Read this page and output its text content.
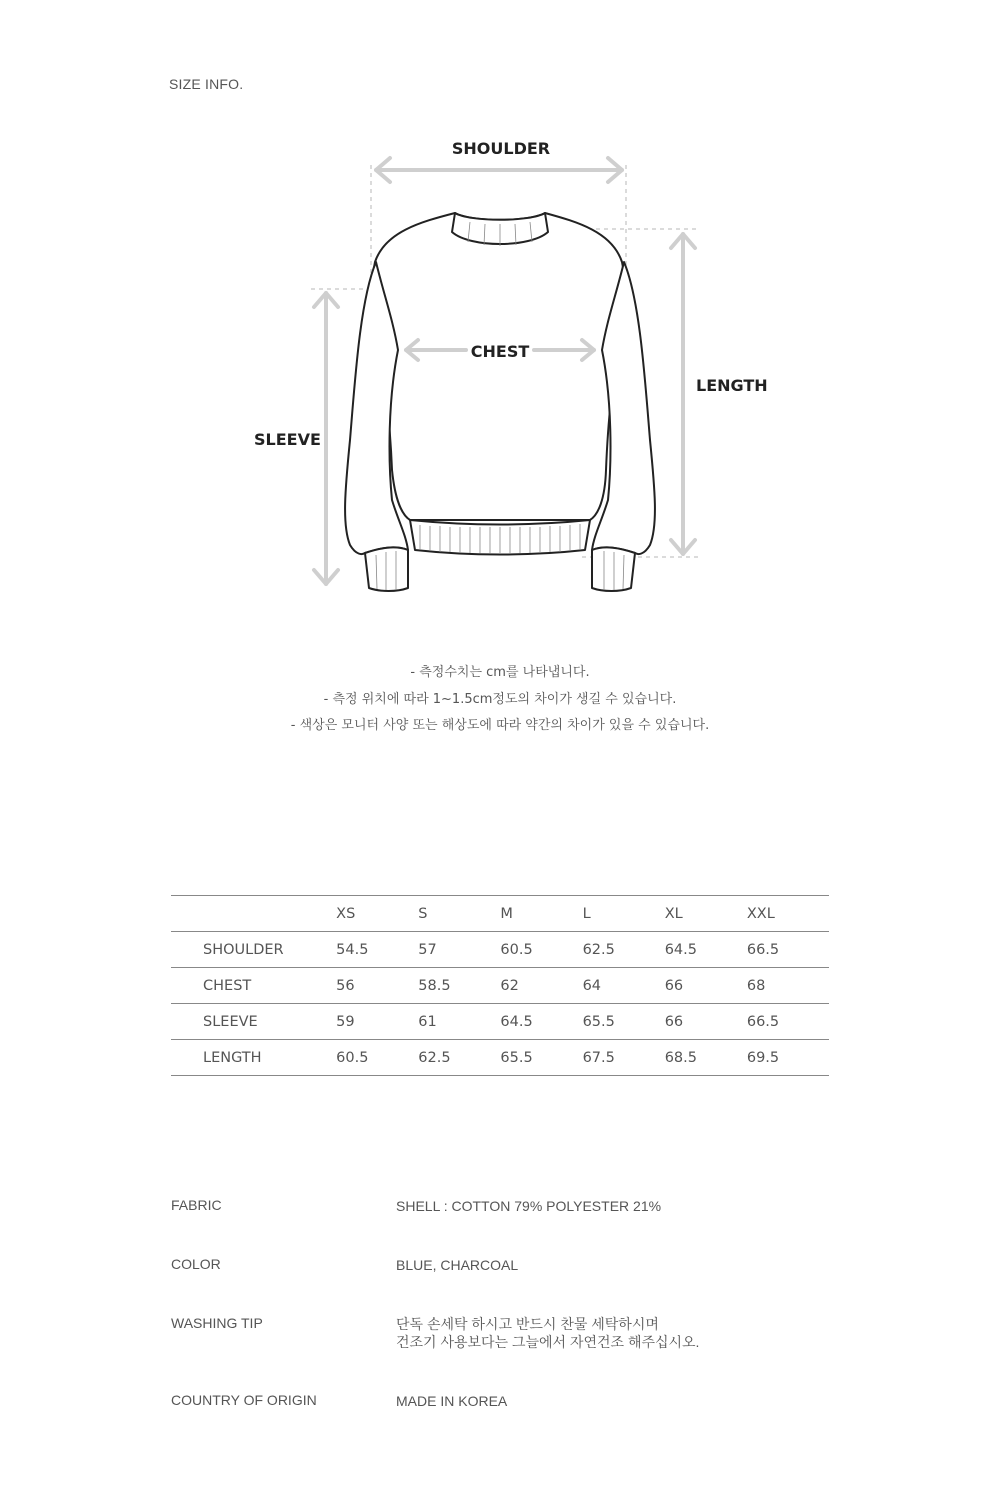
SIZE INFO.
SHOULDER
CHEST
LENGTH
SLEEVE
- 측정수치는 cm를 나타냅니다.
- 측정 위치에 따라 1~1.5cm정도의 차이가 생길 수 있습니다.
- 색상은 모니터 사양 또는 해상도에 따라 약간의 차이가 있을 수 있습니다.
	XS	S	M	L	XL	XXL
SHOULDER	54.5	57	60.5	62.5	64.5	66.5
CHEST	56	58.5	62	64	66	68
SLEEVE	59	61	64.5	65.5	66	66.5
LENGTH	60.5	62.5	65.5	67.5	68.5	69.5
FABRIC	SHELL : COTTON 79% POLYESTER 21%
COLOR	BLUE, CHARCOAL
WASHING TIP	단독 손세탁 하시고 반드시 찬물 세탁하시며
건조기 사용보다는 그늘에서 자연건조 해주십시오.
COUNTRY OF ORIGIN	MADE IN KOREA
